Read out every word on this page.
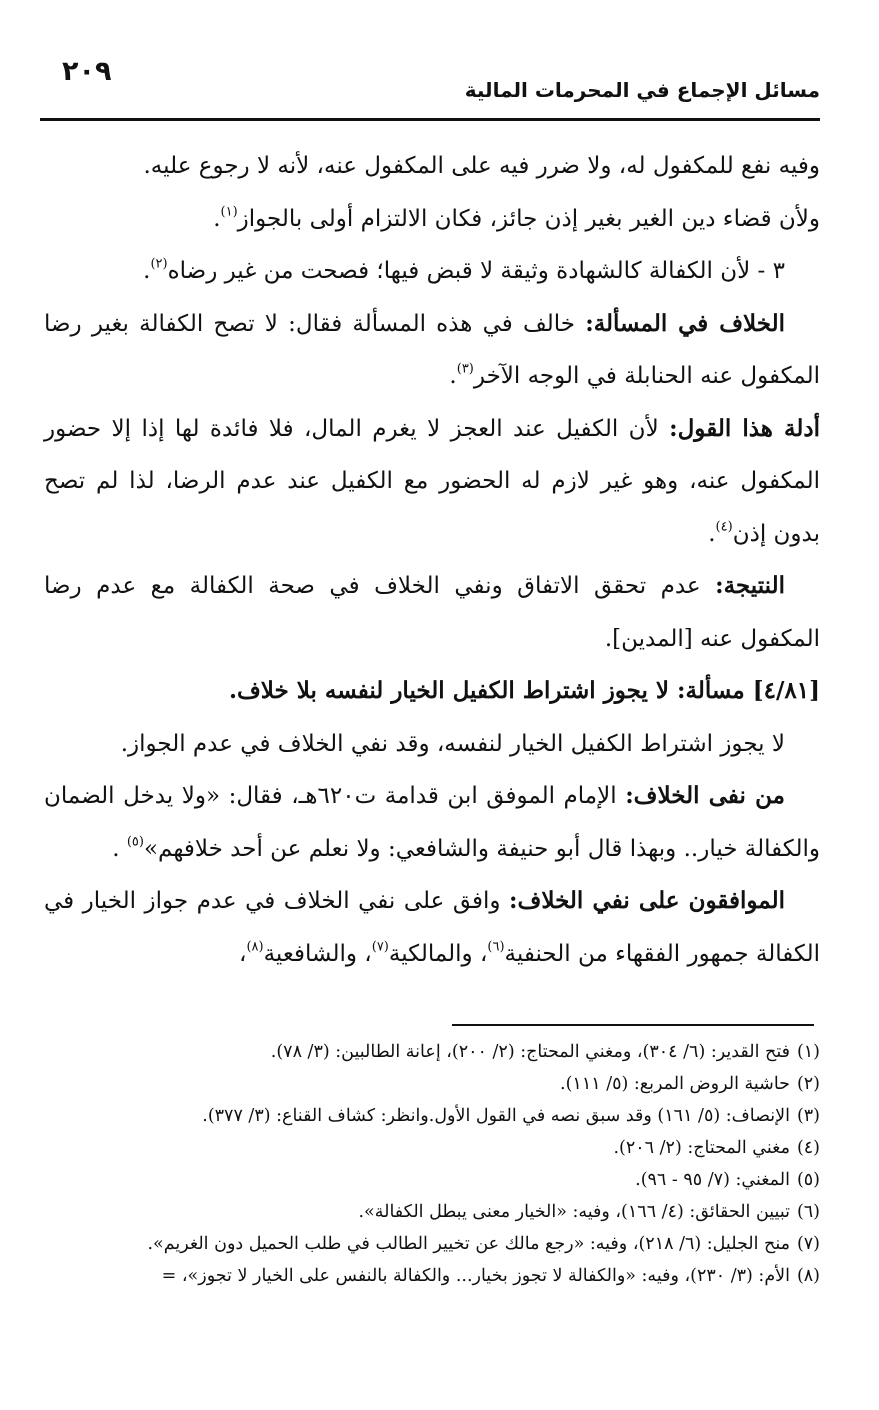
٢٠٩
مسائل الإجماع في المحرمات المالية

وفيه نفع للمكفول له، ولا ضرر فيه على المكفول عنه، لأنه لا رجوع عليه.

ولأن قضاء دين الغير بغير إذن جائز، فكان الالتزام أولى بالجواز$^{(١)}$.

٣ - لأن الكفالة كالشهادة وثيقة لا قبض فيها؛ فصحت من غير رضاه$^{(٢)}$.

الخلاف في المسألة: خالف في هذه المسألة فقال: لا تصح الكفالة بغير رضا المكفول عنه الحنابلة في الوجه الآخر$^{(٣)}$.

أدلة هذا القول: لأن الكفيل عند العجز لا يغرم المال، فلا فائدة لها إذا إلا حضور المكفول عنه، وهو غير لازم له الحضور مع الكفيل عند عدم الرضا، لذا لم تصح بدون إذن$^{(٤)}$.

النتيجة: عدم تحقق الاتفاق ونفي الخلاف في صحة الكفالة مع عدم رضا المكفول عنه [المدين].

[٤/٨١] مسألة: لا يجوز اشتراط الكفيل الخيار لنفسه بلا خلاف.

لا يجوز اشتراط الكفيل الخيار لنفسه، وقد نفي الخلاف في عدم الجواز.

من نفى الخلاف: الإمام الموفق ابن قدامة ت٦٢٠هـ، فقال: «ولا يدخل الضمان والكفالة خيار.. وبهذا قال أبو حنيفة والشافعي: ولا نعلم عن أحد خلافهم»$^{(٥)}$ .

الموافقون على نفي الخلاف: وافق على نفي الخلاف في عدم جواز الخيار في الكفالة جمهور الفقهاء من الحنفية$^{(٦)}$، والمالكية$^{(٧)}$، والشافعية$^{(٨)}$،

(١)فتح القدير: (٦/ ٣٠٤)، ومغني المحتاج: (٢/ ٢٠٠)، إعانة الطالبين: (٣/ ٧٨).

(٢)حاشية الروض المربع: (٥/ ١١١).

(٣)الإنصاف: (٥/ ١٦١) وقد سبق نصه في القول الأول.وانظر: كشاف القناع: (٣/ ٣٧٧).

(٤)مغني المحتاج: (٢/ ٢٠٦).

(٥)المغني: (٧/ ٩٥ - ٩٦).

(٦)تبيين الحقائق: (٤/ ١٦٦)، وفيه: «الخيار معنى يبطل الكفالة».

(٧)منح الجليل: (٦/ ٢١٨)، وفيه: «رجع مالك عن تخيير الطالب في طلب الحميل دون الغريم».

(٨)الأم: (٣/ ٢٣٠)، وفيه: «والكفالة لا تجوز بخيار... والكفالة بالنفس على الخيار لا تجوز»، =
